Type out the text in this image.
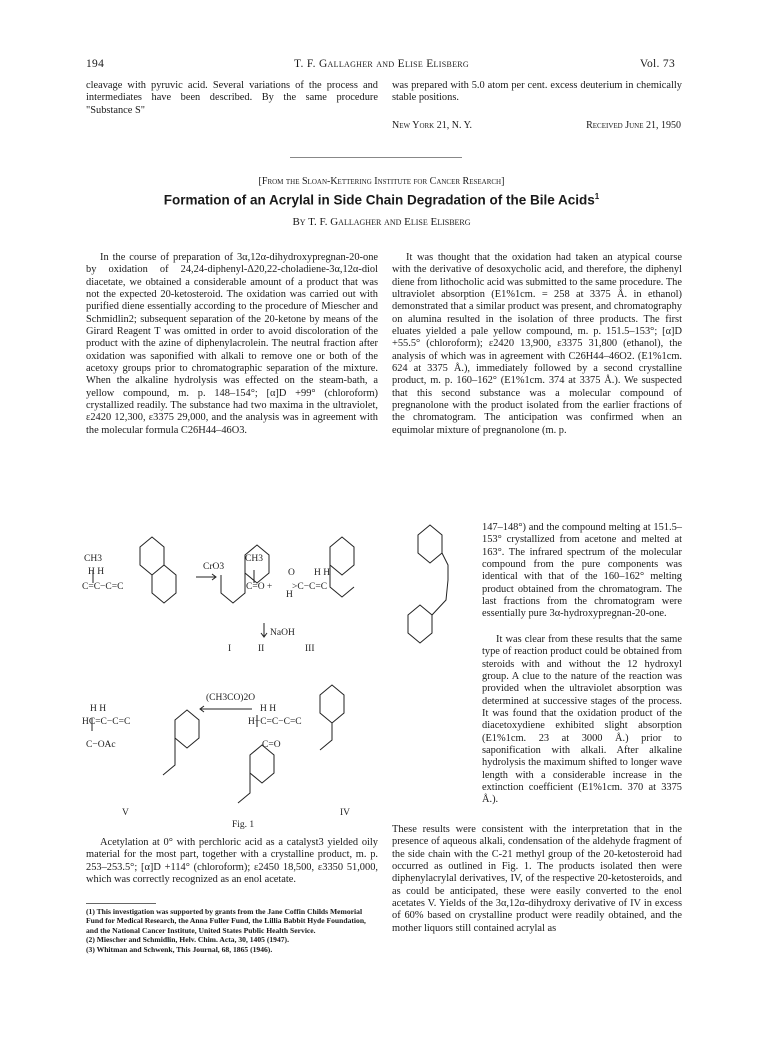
194	T. F. Gallagher and Elise Elisberg	Vol. 73
cleavage with pyruvic acid. Several variations of the process and intermediates have been described. By the same procedure "Substance S"
was prepared with 5.0 atom per cent. excess deuterium in chemically stable positions.
New York 21, N. Y.	Received June 21, 1950
[From the Sloan-Kettering Institute for Cancer Research]
Formation of an Acrylal in Side Chain Degradation of the Bile Acids$^1$
By T. F. Gallagher and Elise Elisberg
In the course of preparation of 3α,12α-dihydroxypregnan-20-one by oxidation of 24,24-diphenyl-Δ20,22-choladiene-3α,12α-diol diacetate, we obtained a considerable amount of a product that was not the expected 20-ketosteroid. The oxidation was carried out with purified diene essentially according to the procedure of Miescher and Schmidlin2; subsequent separation of the 20-ketone by means of the Girard Reagent T was omitted in order to avoid discoloration of the product with the azine of diphenylacrolein. The neutral fraction after oxidation was saponified with alkali to remove one or both of the acetoxy groups prior to chromatographic separation of the mixture. When the alkaline hydrolysis was effected on the steam-bath, a yellow compound, m. p. 148–154°; [α]D +99° (chloroform) crystallized readily. The substance had two maxima in the ultraviolet, ε2420 12,300, ε3375 29,000, and the analysis was in agreement with the molecular formula C26H44–46O3.
CH3
H H
C=C−C=C
CrO3
CH3
C=O +
O
H
>C−C=C
H H
I	II	III
NaOH
H H
HC=C−C=C
(CH3CO)2O
H H
H−C=C−C=C
C−OAc	C=O
V	IV
Fig. 1
Acetylation at 0° with perchloric acid as a catalyst3 yielded oily material for the most part, together with a crystalline product, m. p. 253–253.5°; [α]D +114° (chloroform); ε2450 18,500, ε3350 51,000, which was correctly recognized as an enol acetate.
(1) This investigation was supported by grants from the Jane Coffin Childs Memorial Fund for Medical Research, the Anna Fuller Fund, the Lillia Babbit Hyde Foundation, and the National Cancer Institute, United States Public Health Service.
(2) Miescher and Schmidlin, Helv. Chim. Acta, 30, 1405 (1947).
(3) Whitman and Schwenk, This Journal, 68, 1865 (1946).
It was thought that the oxidation had taken an atypical course with the derivative of desoxycholic acid, and therefore, the diphenyl diene from lithocholic acid was submitted to the same procedure. The ultraviolet absorption (E1%1cm. = 258 at 3375 Å. in ethanol) demonstrated that a similar product was present, and chromatography on alumina resulted in the isolation of three products. The first eluates yielded a pale yellow compound, m. p. 151.5–153°; [α]D +55.5° (chloroform); ε2420 13,900, ε3375 31,800 (ethanol), the analysis of which was in agreement with C26H44–46O2. (E1%1cm. 624 at 3375 Å.), immediately followed by a second crystalline product, m. p. 160–162° (E1%1cm. 374 at 3375 Å.). We suspected that this second substance was a molecular compound of pregnanolone with the product isolated from the earlier fractions of the chromatogram. The anticipation was confirmed when an equimolar mixture of pregnanolone (m. p.
147–148°) and the compound melting at 151.5–153° crystallized from acetone and melted at 163°. The infrared spectrum of the molecular compound from the pure components was identical with that of the 160–162° melting product obtained from the chromatogram. The last fractions from the chromatogram were essentially pure 3α-hydroxypregnan-20-one.
It was clear from these results that the same type of reaction product could be obtained from steroids with and without the 12 hydroxyl group. A clue to the nature of the reaction was provided when the ultraviolet absorption was determined at successive stages of the process. It was found that the oxidation product of the diacetoxydiene exhibited slight absorption (E1%1cm. 23 at 3000 Å.) prior to saponification with alkali. After alkaline hydrolysis the maximum shifted to longer wave length with a considerable increase in the extinction coefficient (E1%1cm. 370 at 3375 Å.).
These results were consistent with the interpretation that in the presence of aqueous alkali, condensation of the aldehyde fragment of the side chain with the C-21 methyl group of the 20-ketosteroid had occurred as outlined in Fig. 1. The products isolated then were diphenylacrylal derivatives, IV, of the respective 20-ketosteroids, and as could be anticipated, these were easily converted to the enol acetates V. Yields of the 3α,12α-dihydroxy derivative of IV in excess of 60% based on crystalline product were readily obtained, and the mother liquors still contained acrylal as
